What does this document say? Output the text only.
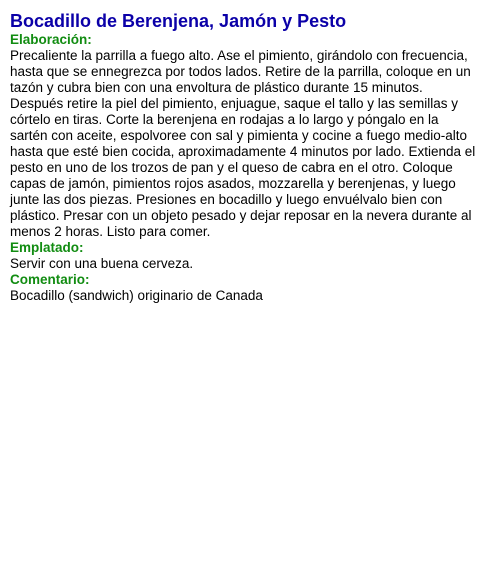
Bocadillo de Berenjena, Jamón y Pesto
Elaboración:

Precaliente la parrilla a fuego alto. Ase el pimiento, girándolo con frecuencia, hasta que se ennegrezca por todos lados. Retire de la parrilla, coloque en un tazón y cubra bien con una envoltura de plástico durante 15 minutos. Después retire la piel del pimiento, enjuague, saque el tallo y las semillas y córtelo en tiras. Corte la berenjena en rodajas a lo largo y póngalo en la sartén con aceite, espolvoree con sal y pimienta y cocine a fuego medio-alto hasta que esté bien cocida, aproximadamente 4 minutos por lado. Extienda el pesto en uno de los trozos de pan y el queso de cabra en el otro. Coloque capas de jamón, pimientos rojos asados, mozzarella y berenjenas, y luego junte las dos piezas. Presiones en bocadillo y luego envuélvalo bien con plástico. Presar con un objeto pesado y dejar reposar en la nevera durante al menos 2 horas. Listo para comer.

Emplatado:

Servir con una buena cerveza.

Comentario:

Bocadillo (sandwich) originario de Canada
